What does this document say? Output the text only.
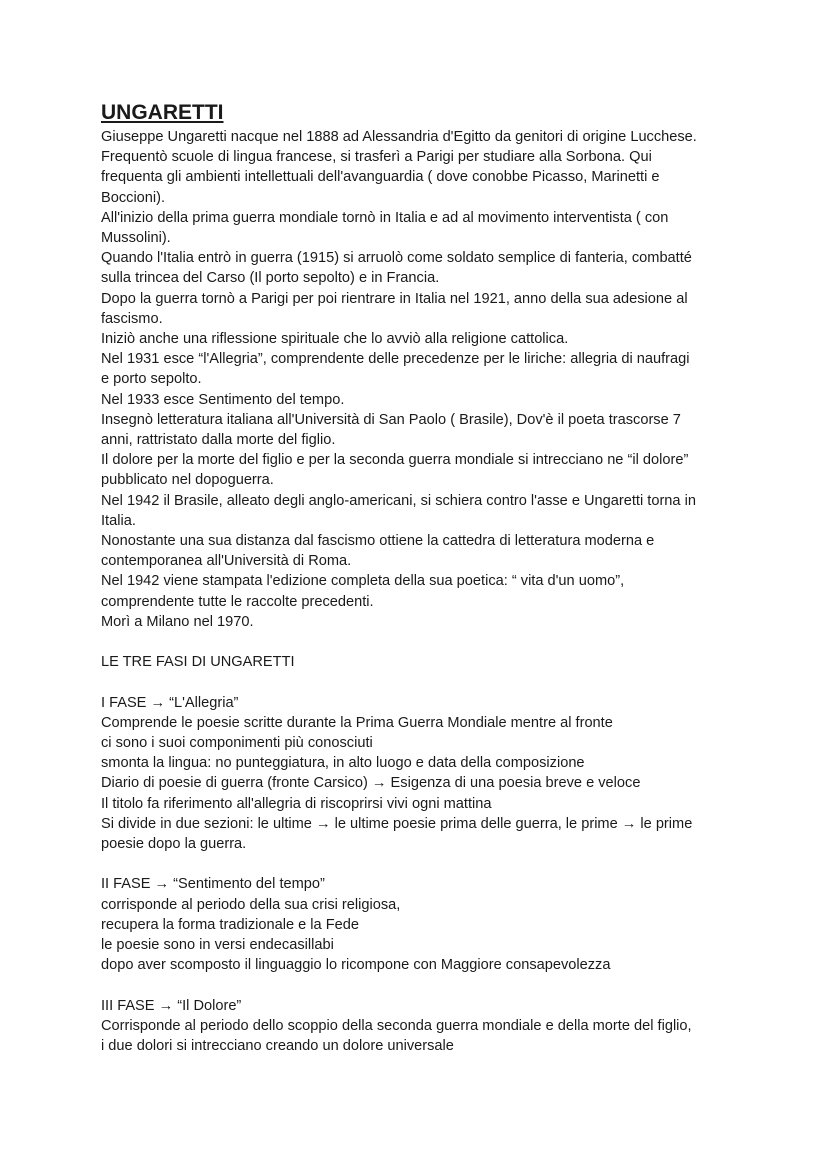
UNGARETTI

Giuseppe Ungaretti nacque nel 1888 ad Alessandria d'Egitto da genitori di origine Lucchese.

Frequentò scuole di lingua francese, si trasferì a Parigi per studiare alla Sorbona. Qui

frequenta gli ambienti intellettuali dell'avanguardia ( dove conobbe Picasso, Marinetti e

Boccioni).

All'inizio della prima guerra mondiale tornò in Italia e ad al movimento interventista ( con

Mussolini).

Quando l'Italia entrò in guerra (1915) si arruolò come soldato semplice di fanteria, combatté

sulla trincea del Carso (Il porto sepolto) e in Francia.

Dopo la guerra tornò a Parigi per poi rientrare in Italia nel 1921, anno della sua adesione al

fascismo.

Iniziò anche una riflessione spirituale che lo avviò alla religione cattolica.

Nel 1931 esce “l'Allegria”, comprendente delle precedenze per le liriche: allegria di naufragi

e porto sepolto.

Nel 1933 esce Sentimento del tempo.

Insegnò letteratura italiana all'Università di San Paolo ( Brasile), Dov'è il poeta trascorse 7

anni, rattristato dalla morte del figlio.

Il dolore per la morte del figlio e per la seconda guerra mondiale si intrecciano ne “il dolore”

pubblicato nel dopoguerra.

Nel 1942 il Brasile, alleato degli anglo-americani, si schiera contro l'asse e Ungaretti torna in

Italia.

Nonostante una sua distanza dal fascismo ottiene la cattedra di letteratura moderna e

contemporanea all'Università di Roma.

Nel 1942 viene stampata l'edizione completa della sua poetica: “ vita d'un uomo”,

comprendente tutte le raccolte precedenti.

Morì a Milano nel 1970.

LE TRE FASI DI UNGARETTI

I FASE → “L'Allegria”

Comprende le poesie scritte durante la Prima Guerra Mondiale mentre al fronte

ci sono i suoi componimenti più conosciuti

smonta la lingua: no punteggiatura, in alto luogo e data della composizione

Diario di poesie di guerra (fronte Carsico) → Esigenza di una poesia breve e veloce

Il titolo fa riferimento all'allegria di riscoprirsi vivi ogni mattina

Si divide in due sezioni: le ultime → le ultime poesie prima delle guerra, le prime → le prime

poesie dopo la guerra.

II FASE → “Sentimento del tempo”

corrisponde al periodo della sua crisi religiosa,

recupera la forma tradizionale e la Fede

le poesie sono in versi endecasillabi

dopo aver scomposto il linguaggio lo ricompone con Maggiore consapevolezza

III FASE → “Il Dolore”

Corrisponde al periodo dello scoppio della seconda guerra mondiale e della morte del figlio,

i due dolori si intrecciano creando un dolore universale
